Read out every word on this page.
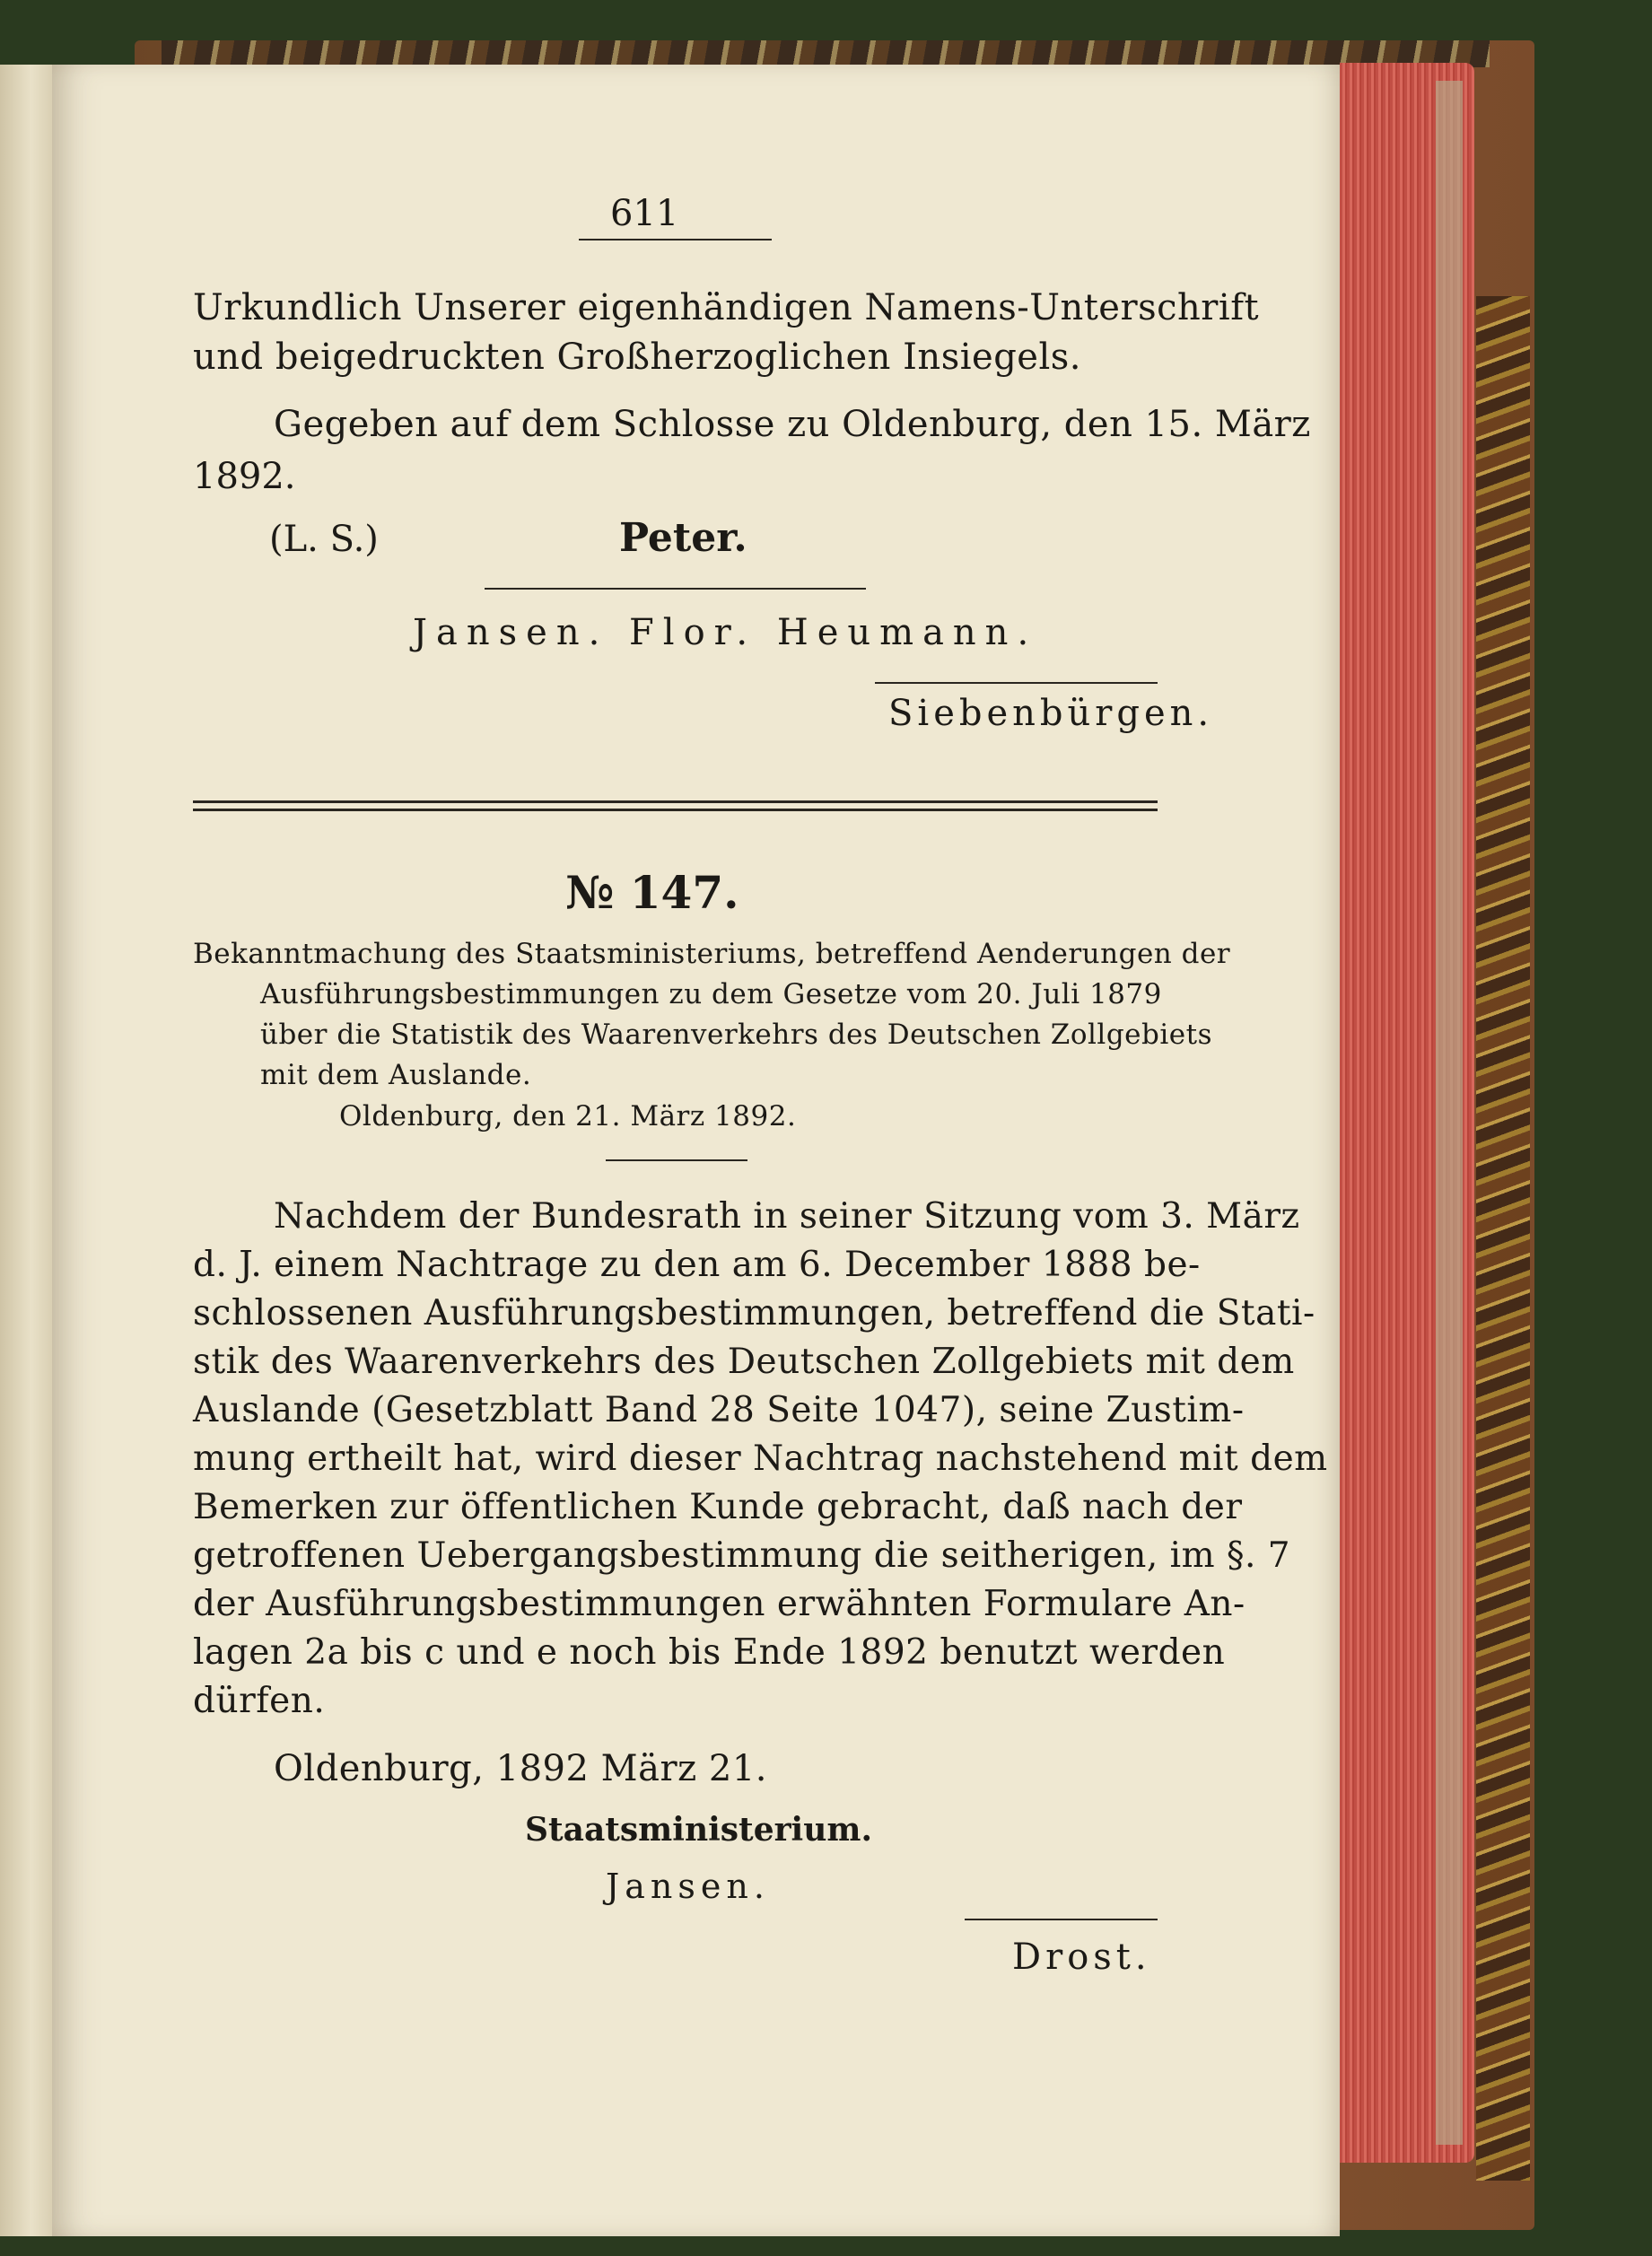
611
Urkundlich Unserer eigenhändigen Namens-Unterschrift
und beigedruckten Großherzoglichen Insiegels.
Gegeben auf dem Schlosse zu Oldenburg, den 15. März
1892.
(L. S.)	Peter.
Jansen. Flor. Heumann.
Siebenbürgen.
№ 147.
Bekanntmachung des Staatsministeriums, betreffend Aenderungen der
Ausführungsbestimmungen zu dem Gesetze vom 20. Juli 1879
über die Statistik des Waarenverkehrs des Deutschen Zollgebiets
mit dem Auslande.
Oldenburg, den 21. März 1892.
Nachdem der Bundesrath in seiner Sitzung vom 3. März
d. J. einem Nachtrage zu den am 6. December 1888 be-
schlossenen Ausführungsbestimmungen, betreffend die Stati-
stik des Waarenverkehrs des Deutschen Zollgebiets mit dem
Auslande (Gesetzblatt Band 28 Seite 1047), seine Zustim-
mung ertheilt hat, wird dieser Nachtrag nachstehend mit dem
Bemerken zur öffentlichen Kunde gebracht, daß nach der
getroffenen Uebergangsbestimmung die seitherigen, im §. 7
der Ausführungsbestimmungen erwähnten Formulare An-
lagen 2a bis c und e noch bis Ende 1892 benutzt werden
dürfen.
Oldenburg, 1892 März 21.
Staatsministerium.
Jansen.
Drost.
